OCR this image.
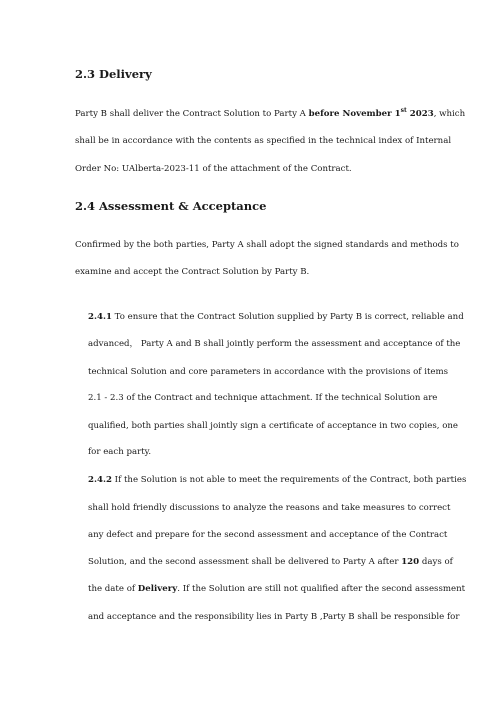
2.3 Delivery

Party B shall deliver the Contract Solution to Party A before November 1st 2023, which

shall be in accordance with the contents as specified in the technical index of Internal

Order No: UAlberta-2023-11 of the attachment of the Contract.

2.4 Assessment & Acceptance

Confirmed by the both parties, Party A shall adopt the signed standards and methods to

examine and accept the Contract Solution by Party B.

2.4.1 To ensure that the Contract Solution supplied by Party B is correct, reliable and

advanced， Party A and B shall jointly perform the assessment and acceptance of the

technical Solution and core parameters in accordance with the provisions of items

2.1 - 2.3 of the Contract and technique attachment. If the technical Solution are

qualified, both parties shall jointly sign a certificate of acceptance in two copies, one

for each party.

2.4.2 If the Solution is not able to meet the requirements of the Contract, both parties

shall hold friendly discussions to analyze the reasons and take measures to correct

any defect and prepare for the second assessment and acceptance of the Contract

Solution, and the second assessment shall be delivered to Party A after 120 days of

the date of Delivery. If the Solution are still not qualified after the second assessment

and acceptance and the responsibility lies in Party B ,Party B shall be responsible for
